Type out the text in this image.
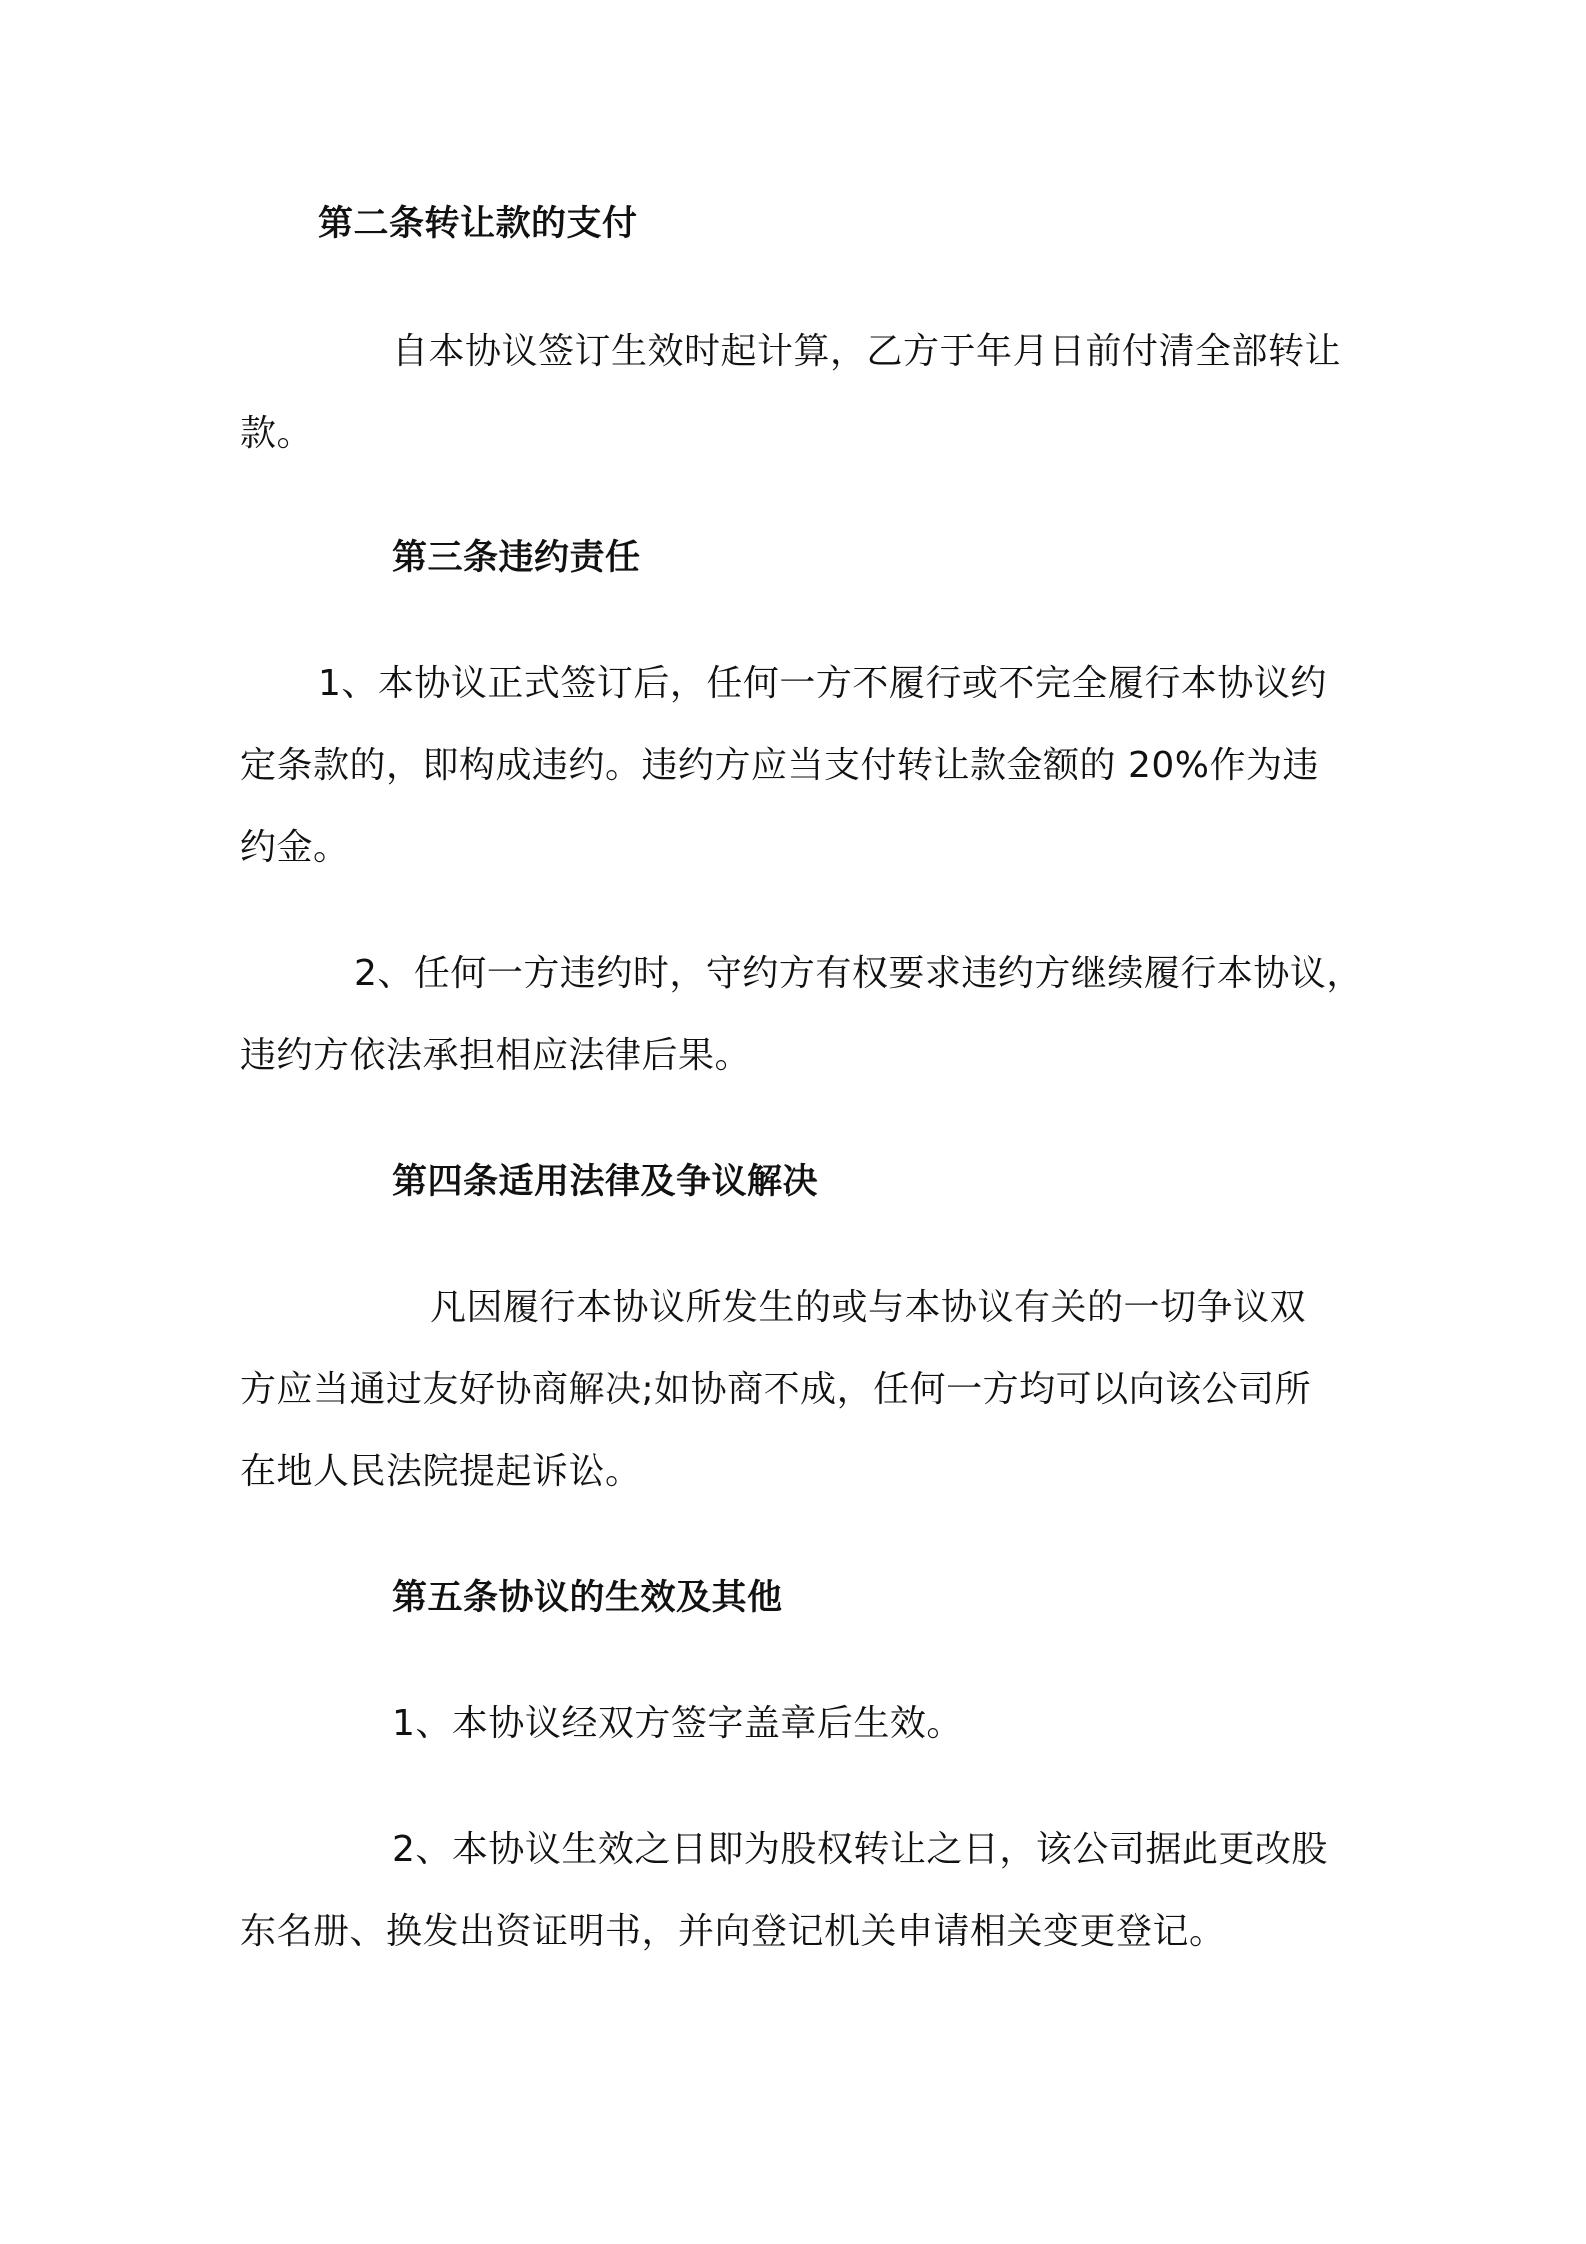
第二条转让款的支付
自本协议签订生效时起计算，乙方于年月日前付清全部转让
款。
第三条违约责任
1、本协议正式签订后，任何一方不履行或不完全履行本协议约
定条款的，即构成违约。违约方应当支付转让款金额的 20%作为违
约金。
2、任何一方违约时，守约方有权要求违约方继续履行本协议，
违约方依法承担相应法律后果。
第四条适用法律及争议解决
凡因履行本协议所发生的或与本协议有关的一切争议双
方应当通过友好协商解决;如协商不成，任何一方均可以向该公司所
在地人民法院提起诉讼。
第五条协议的生效及其他
1、本协议经双方签字盖章后生效。
2、本协议生效之日即为股权转让之日，该公司据此更改股
东名册、换发出资证明书，并向登记机关申请相关变更登记。
